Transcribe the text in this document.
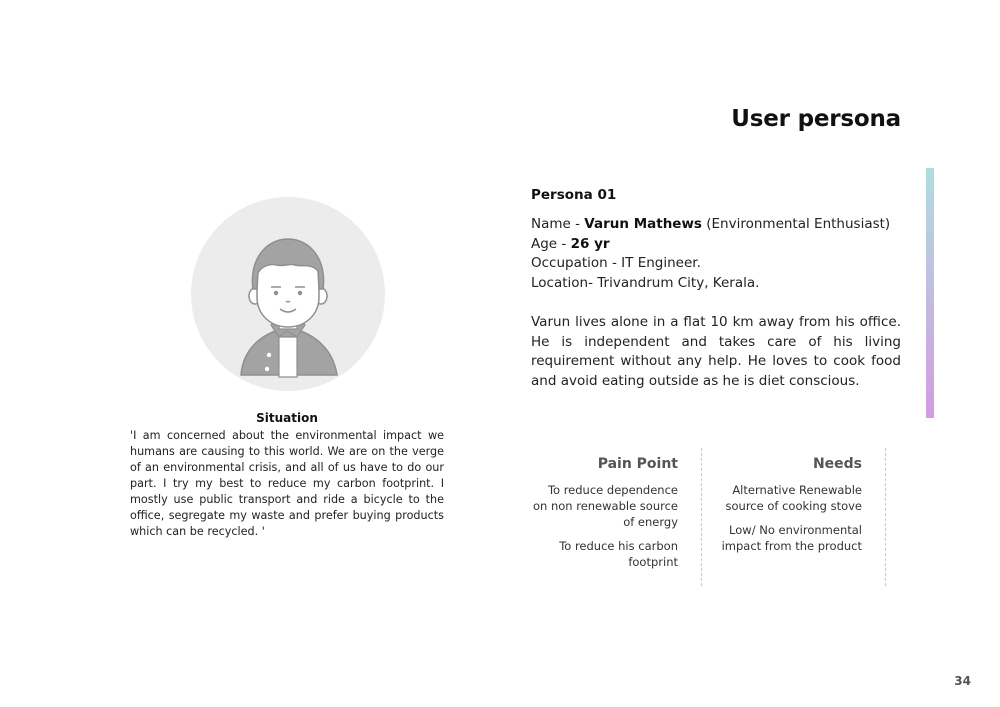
User persona
Situation
'I am concerned about the environmental impact we humans are causing to this world. We are on the verge of an environmental crisis, and all of us have to do our part. I try my best to reduce my carbon footprint. I mostly use public transport and ride a bicycle to the office, segregate my waste and prefer buying products which can be recycled. '
Persona 01
Name - Varun Mathews (Environmental Enthusiast)
Age - 26 yr
Occupation - IT Engineer.
Location- Trivandrum City, Kerala.
Varun lives alone in a flat 10 km away from his office. He is independent and takes care of his living requirement without any help. He loves to cook food and avoid eating outside as he is diet conscious.
Pain Point
To reduce dependence on non renewable source of energy
To reduce his carbon footprint
Needs
Alternative Renewable source of cooking stove
Low/ No environmental impact from the product
34
